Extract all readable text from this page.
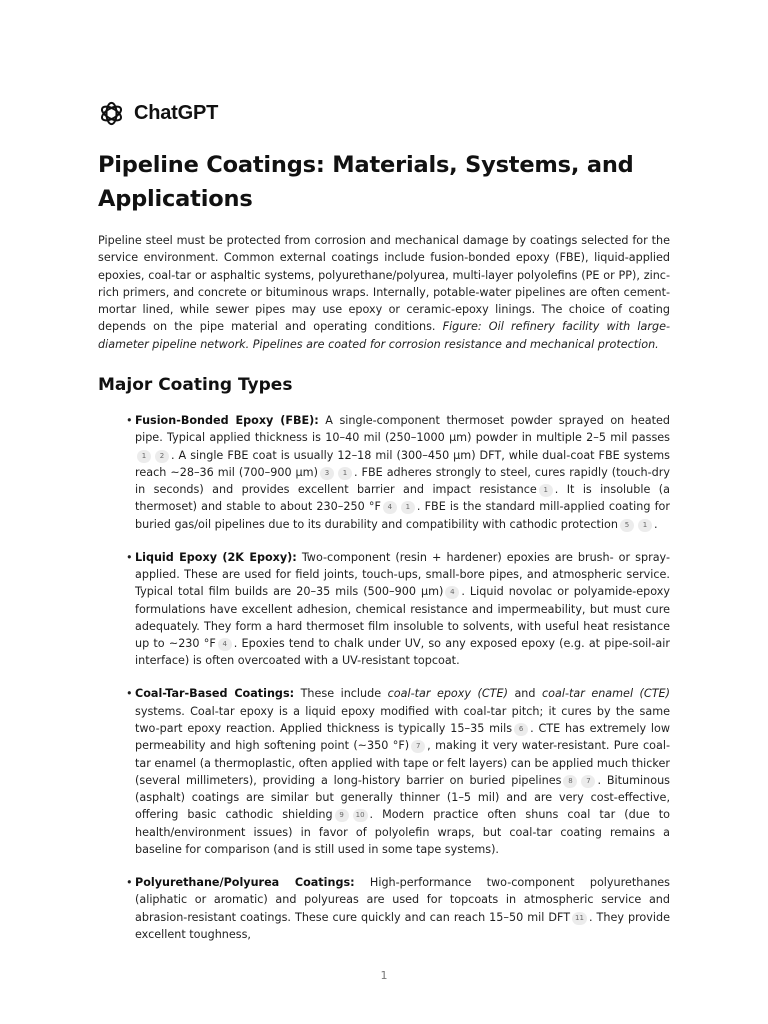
ChatGPT
Pipeline Coatings: Materials, Systems, and Applications

Pipeline steel must be protected from corrosion and mechanical damage by coatings selected for the service environment. Common external coatings include fusion-bonded epoxy (FBE), liquid-applied epoxies, coal-tar or asphaltic systems, polyurethane/polyurea, multi-layer polyolefins (PE or PP), zinc-rich primers, and concrete or bituminous wraps. Internally, potable-water pipelines are often cement-mortar lined, while sewer pipes may use epoxy or ceramic-epoxy linings. The choice of coating depends on the pipe material and operating conditions. Figure: Oil refinery facility with large-diameter pipeline network. Pipelines are coated for corrosion resistance and mechanical protection.

Major Coating Types
• Fusion-Bonded Epoxy (FBE): A single-component thermoset powder sprayed on heated pipe. Typical applied thickness is 10–40 mil (250–1000 µm) powder in multiple 2–5 mil passes1 2 . A single FBE coat is usually 12–18 mil (300–450 µm) DFT, while dual-coat FBE systems reach ~28–36 mil (700–900 µm) 3 1 . FBE adheres strongly to steel, cures rapidly (touch-dry in seconds) and provides excellent barrier and impact resistance 1 . It is insoluble (a thermoset) and stable to about 230–250 °F 4 1 . FBE is the standard mill-applied coating for buried gas/oil pipelines due to its durability and compatibility with cathodic protection 5 1 .
• Liquid Epoxy (2K Epoxy): Two-component (resin + hardener) epoxies are brush- or spray-applied. These are used for field joints, touch-ups, small-bore pipes, and atmospheric service. Typical total film builds are 20–35 mils (500–900 µm) 4 . Liquid novolac or polyamide-epoxy formulations have excellent adhesion, chemical resistance and impermeability, but must cure adequately. They form a hard thermoset film insoluble to solvents, with useful heat resistance up to ~230 °F 4 . Epoxies tend to chalk under UV, so any exposed epoxy (e.g. at pipe-soil-air interface) is often overcoated with a UV-resistant topcoat.
• Coal-Tar-Based Coatings: These include coal-tar epoxy (CTE) and coal-tar enamel (CTE) systems. Coal-tar epoxy is a liquid epoxy modified with coal-tar pitch; it cures by the same two-part epoxy reaction. Applied thickness is typically 15–35 mils 6 . CTE has extremely low permeability and high softening point (~350 °F) 7 , making it very water-resistant. Pure coal-tar enamel (a thermoplastic, often applied with tape or felt layers) can be applied much thicker (several millimeters), providing a long-history barrier on buried pipelines 8 7 . Bituminous (asphalt) coatings are similar but generally thinner (1–5 mil) and are very cost-effective, offering basic cathodic shielding 9 10 . Modern practice often shuns coal tar (due to health/environment issues) in favor of polyolefin wraps, but coal-tar coating remains a baseline for comparison (and is still used in some tape systems).
• Polyurethane/Polyurea Coatings: High-performance two-component polyurethanes (aliphatic or aromatic) and polyureas are used for topcoats in atmospheric service and abrasion-resistant coatings. These cure quickly and can reach 15–50 mil DFT 11 . They provide excellent toughness,
1
